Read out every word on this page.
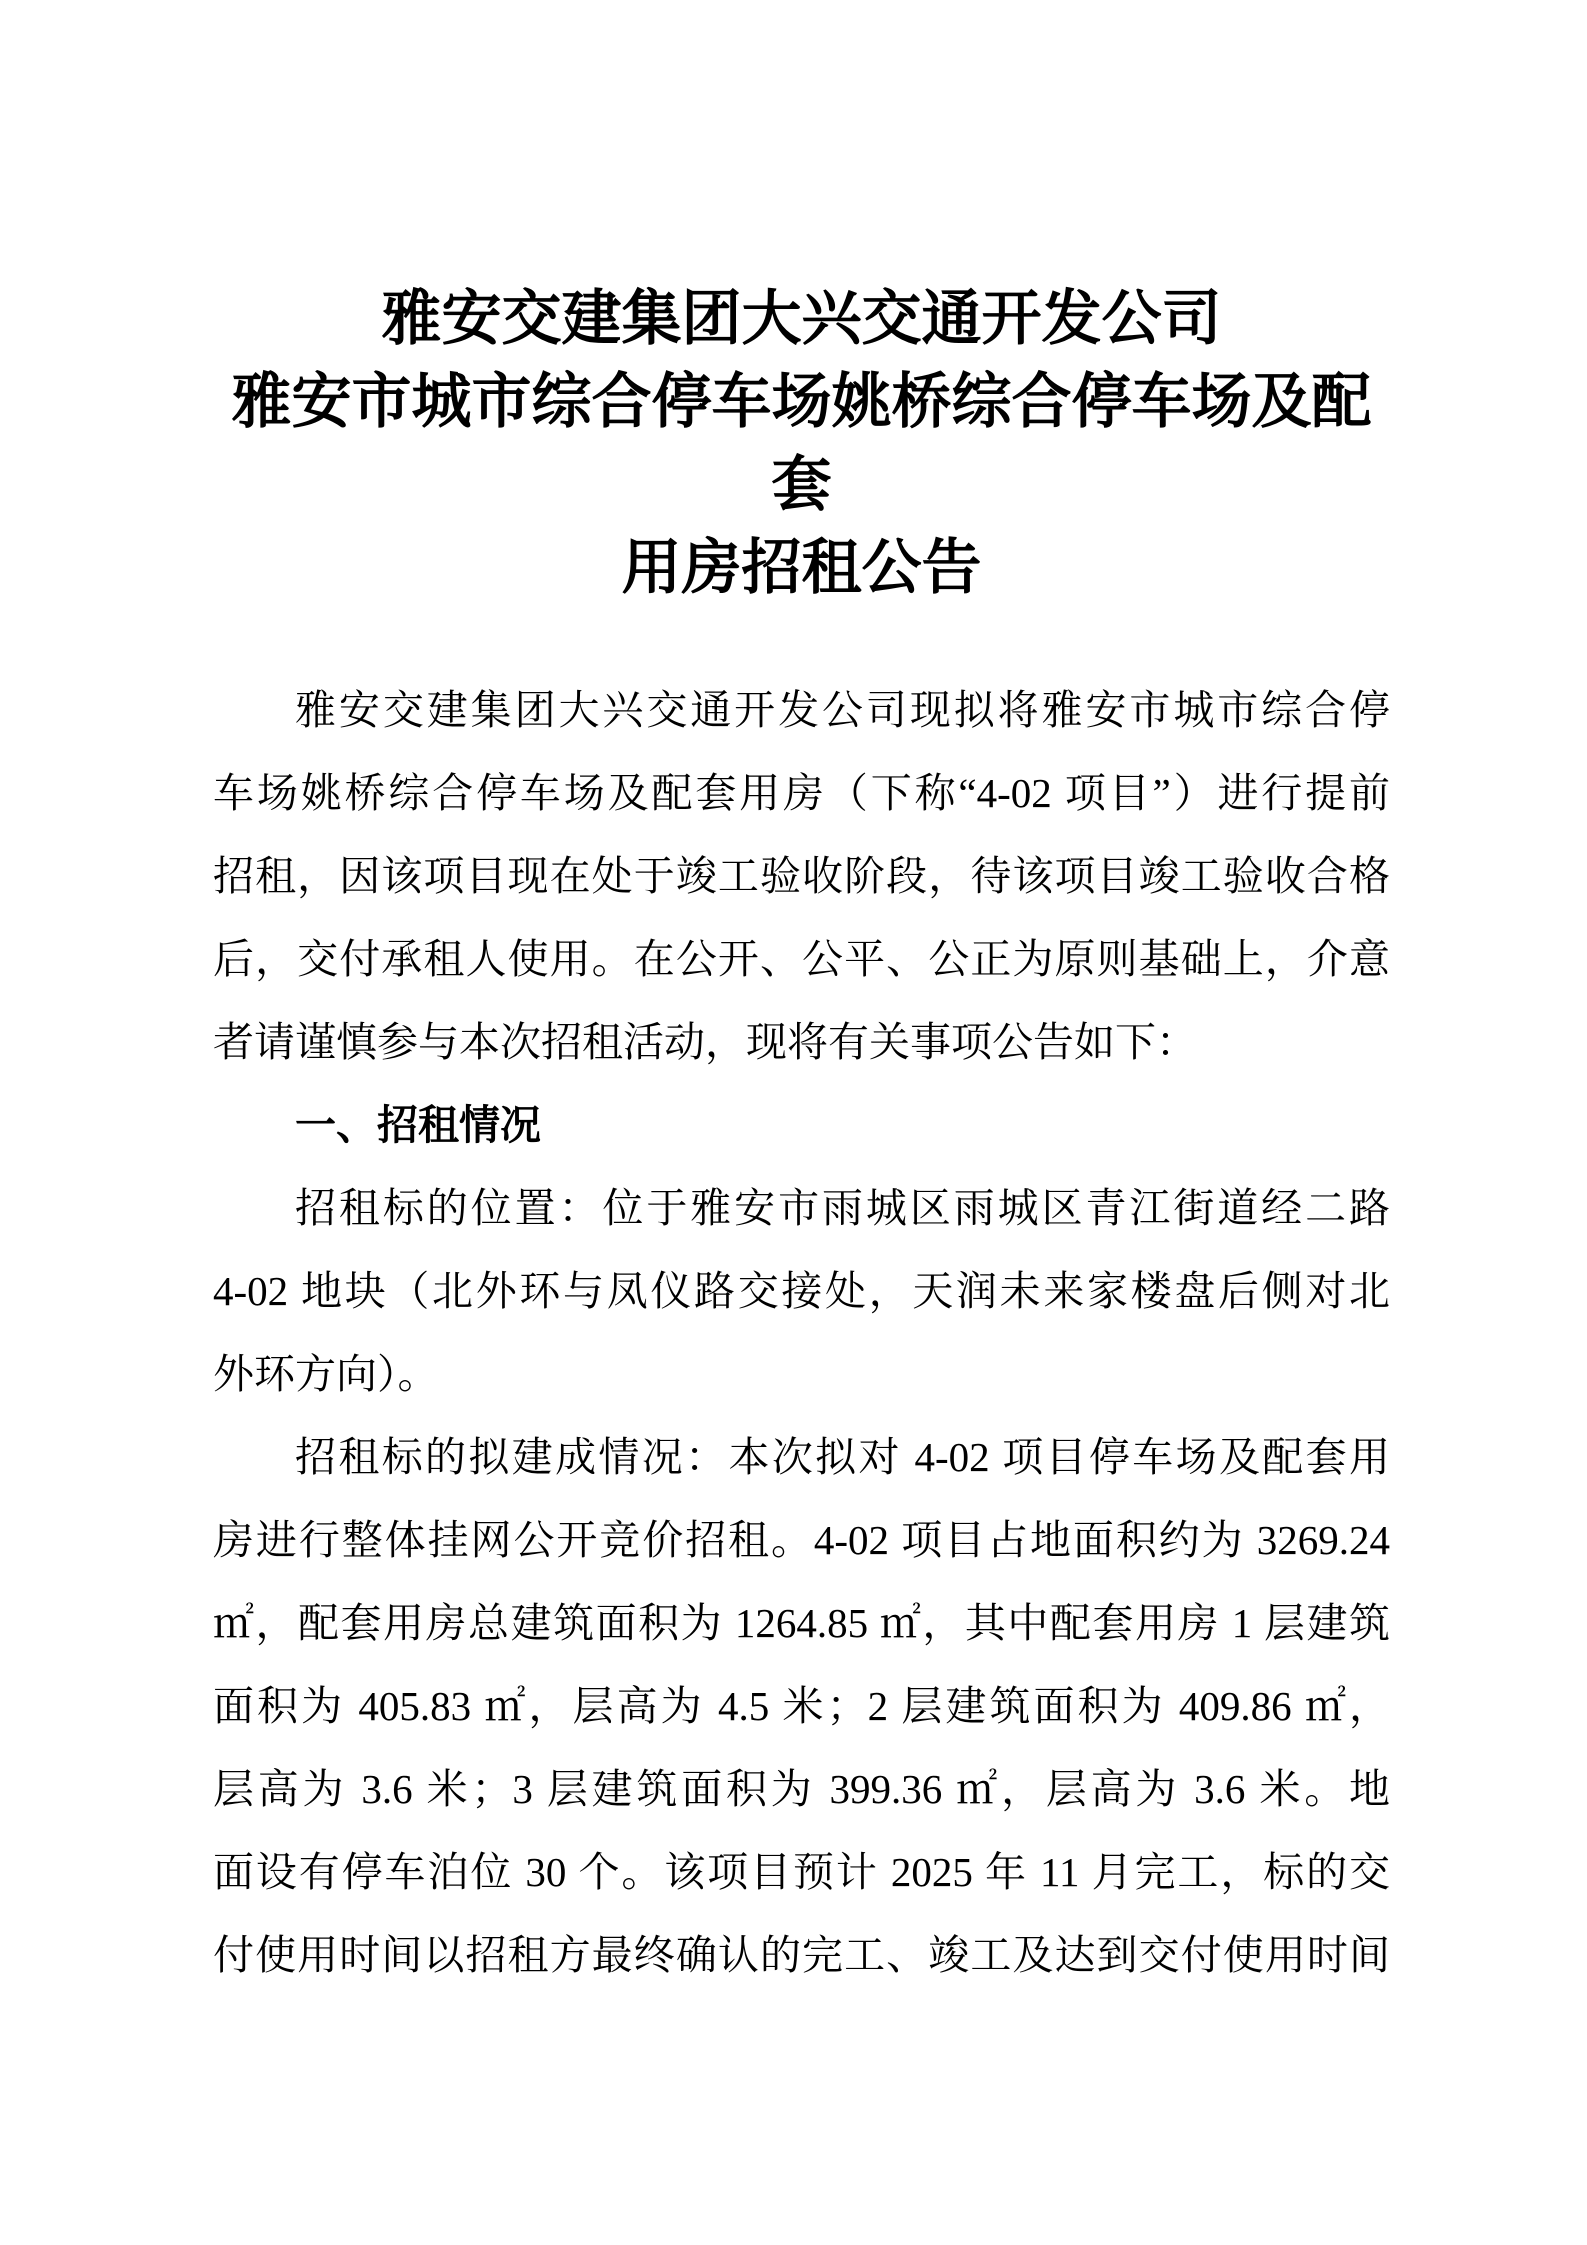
雅安交建集团大兴交通开发公司
雅安市城市综合停车场姚桥综合停车场及配套
用房招租公告
雅安交建集团大兴交通开发公司现拟将雅安市城市综合停
车场姚桥综合停车场及配套用房（下称“4-02 项目”）进行提前
招租，因该项目现在处于竣工验收阶段，待该项目竣工验收合格
后，交付承租人使用。在公开、公平、公正为原则基础上，介意
者请谨慎参与本次招租活动，现将有关事项公告如下：
一、招租情况
招租标的位置：位于雅安市雨城区雨城区青江街道经二路
4-02 地块（北外环与凤仪路交接处，天润未来家楼盘后侧对北
外环方向）。
招租标的拟建成情况：本次拟对 4-02 项目停车场及配套用
房进行整体挂网公开竞价招租。4-02 项目占地面积约为 3269.24
㎡，配套用房总建筑面积为 1264.85 ㎡，其中配套用房 1 层建筑
面积为 405.83 ㎡，层高为 4.5 米；2 层建筑面积为 409.86 ㎡，
层高为 3.6 米；3 层建筑面积为 399.36 ㎡，层高为 3.6 米。地
面设有停车泊位 30 个。该项目预计 2025 年 11 月完工，标的交
付使用时间以招租方最终确认的完工、竣工及达到交付使用时间
